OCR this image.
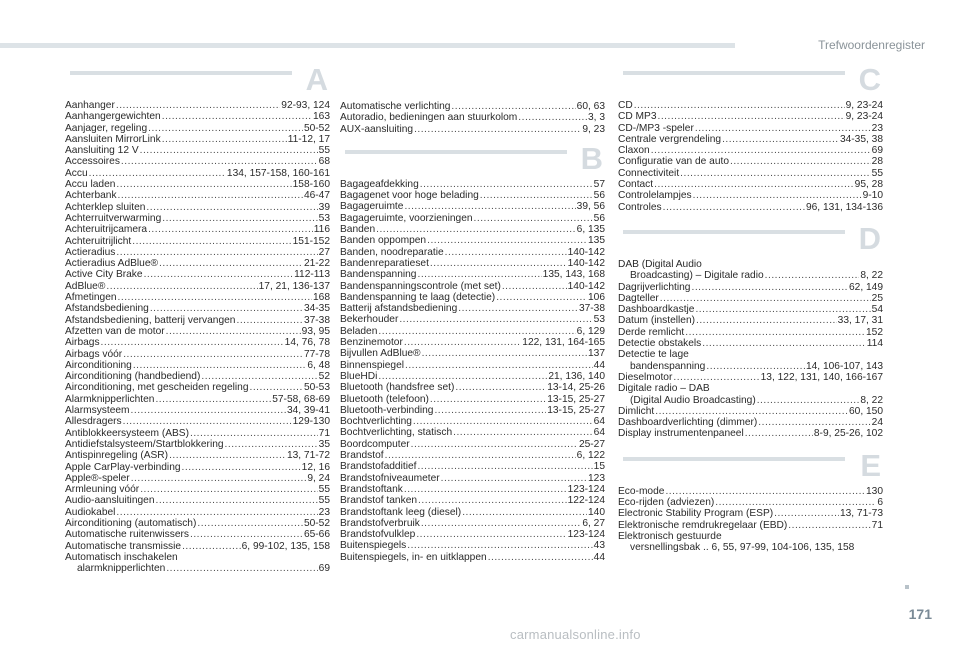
Trefwoordenregister
A
Aanhanger .....	92-93, 124
Aanhangergewichten .....	163
Aanjager, regeling .....	50-52
Aansluiten MirrorLink .....	11-12, 17
Aansluiting 12 V .....	55
Accessoires .....	68
Accu .....	134, 157-158, 160-161
Accu laden .....	158-160
Achterbank .....	46-47
Achterklep sluiten .....	39
Achterruitverwarming .....	53
Achteruitrijcamera .....	116
Achteruitrijlicht .....	151-152
Actieradius .....	27
Actieradius AdBlue® .....	21-22
Active City Brake .....	112-113
AdBlue® .....	17, 21, 136-137
Afmetingen .....	168
Afstandsbediening .....	34-35
Afstandsbediening, batterij vervangen .....	37-38
Afzetten van de motor .....	93, 95
Airbags .....	14, 76, 78
Airbags vóór .....	77-78
Airconditioning .....	6, 48
Airconditioning (handbediend) .....	52
Airconditioning, met gescheiden regeling .....	50-53
Alarmknipperlichten .....	57-58, 68-69
Alarmsysteem .....	34, 39-41
Allesdragers .....	129-130
Antiblokkeersysteem (ABS) .....	71
Antidiefstalsysteem/Startblokkering .....	35
Antispinregeling (ASR) .....	13, 71-72
Apple CarPlay-verbinding .....	12, 16
Apple®-speler .....	9, 24
Armleuning vóór .....	55
Audio-aansluitingen .....	55
Audiokabel .....	23
Airconditioning (automatisch) .....	50-52
Automatische ruitenwissers .....	65-66
Automatische transmissie .....	6, 99-102, 135, 158
Automatisch inschakelen
alarmknipperlichten .....	69
Automatische verlichting .....	60, 63
Autoradio, bedieningen aan stuurkolom .....	3, 3
AUX-aansluiting .....	9, 23
B
Bagageafdekking .....	57
Bagagenet voor hoge belading .....	56
Bagageruimte .....	39, 56
Bagageruimte, voorzieningen .....	56
Banden .....	6, 135
Banden oppompen .....	135
Banden, noodreparatie .....	140-142
Bandenreparatieset .....	140-142
Bandenspanning .....	135, 143, 168
Bandenspanningscontrole (met set) .....	140-142
Bandenspanning te laag (detectie) .....	106
Batterij afstandsbediening .....	37-38
Bekerhouder .....	53
Beladen .....	6, 129
Benzinemotor .....	122, 131, 164-165
Bijvullen AdBlue® .....	137
Binnenspiegel .....	44
BlueHDi .....	21, 136, 140
Bluetooth (handsfree set) .....	13-14, 25-26
Bluetooth (telefoon) .....	13-15, 25-27
Bluetooth-verbinding .....	13-15, 25-27
Bochtverlichting .....	64
Bochtverlichting, statisch .....	64
Boordcomputer .....	25-27
Brandstof .....	6, 122
Brandstofadditief .....	15
Brandstofniveaumeter .....	123
Brandstoftank .....	123-124
Brandstof tanken .....	122-124
Brandstoftank leeg (diesel) .....	140
Brandstofverbruik .....	6, 27
Brandstofvulklep .....	123-124
Buitenspiegels .....	43
Buitenspiegels, in- en uitklappen .....	44
C
CD .....	9, 23-24
CD MP3 .....	9, 23-24
CD-/MP3 -speler .....	23
Centrale vergrendeling .....	34-35, 38
Claxon .....	69
Configuratie van de auto .....	28
Connectiviteit .....	55
Contact .....	95, 28
Controlelampjes .....	9-10
Controles .....	96, 131, 134-136
D
DAB (Digital Audio
Broadcasting) – Digitale radio .....	8, 22
Dagrijverlichting .....	62, 149
Dagteller .....	25
Dashboardkastje .....	54
Datum (instellen) .....	33, 17, 31
Derde remlicht .....	152
Detectie obstakels .....	114
Detectie te lage
bandenspanning .....	14, 106-107, 143
Dieselmotor .....	13, 122, 131, 140, 166-167
Digitale radio – DAB
(Digital Audio Broadcasting) .....	8, 22
Dimlicht .....	60, 150
Dashboardverlichting (dimmer) .....	24
Display instrumentenpaneel .....	8-9, 25-26, 102
E
Eco-mode .....	130
Eco-rijden (adviezen) .....	6
Electronic Stability Program (ESP) .....	13, 71-73
Elektronische remdrukregelaar (EBD) .....	71
Elektronisch gestuurde
versnellingsbak .. 6, 55, 97-99, 104-106, 135, 158
171
carmanualsonline.info
